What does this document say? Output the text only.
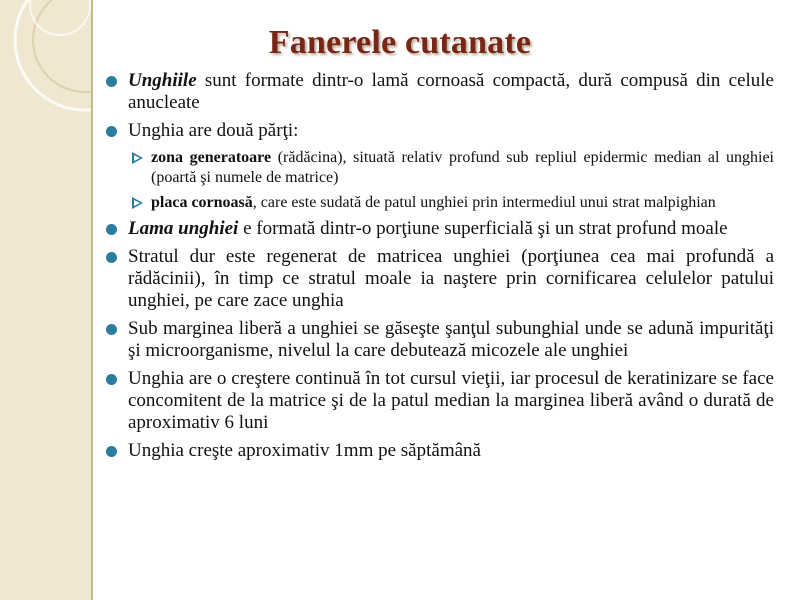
Fanerele cutanate
Unghiile sunt formate dintr-o lamă cornoasă compactă, dură compusă din celule anucleate
Unghia are două părţi:
zona generatoare (rădăcina), situată relativ profund sub repliul epidermic median al unghiei (poartă şi numele de matrice)
placa cornoasă, care este sudată de patul unghiei prin intermediul unui strat malpighian
Lama unghiei e formată dintr-o porţiune superficială şi un strat profund moale
Stratul dur este regenerat de matricea unghiei (porţiunea cea mai profundă a rădăcinii), în timp ce stratul moale ia naştere prin cornificarea celulelor patului unghiei, pe care zace unghia
Sub marginea liberă a unghiei se găseşte şanţul subunghial unde se adună impurităţi şi microorganisme, nivelul la care debutează micozele ale unghiei
Unghia are o creştere continuă în tot cursul vieţii, iar procesul de keratinizare se face concomitent de la matrice şi de la patul median la marginea liberă având o durată de aproximativ 6 luni
Unghia creşte aproximativ 1mm pe săptămână
